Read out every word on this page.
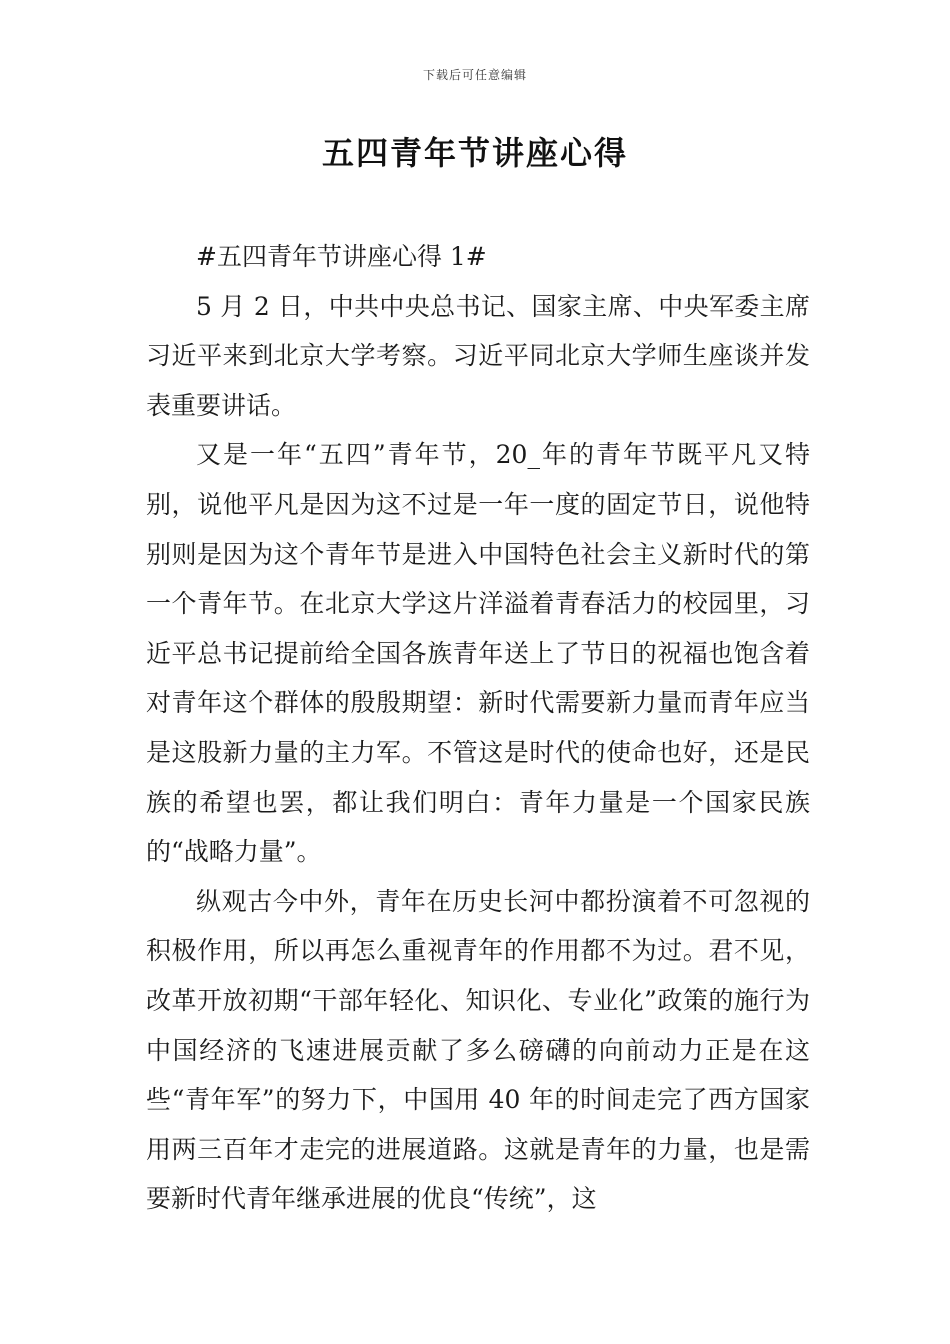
下载后可任意编辑
五四青年节讲座心得

#五四青年节讲座心得 1#

5 月 2 日，中共中央总书记、国家主席、中央军委主席习近平来到北京大学考察。习近平同北京大学师生座谈并发表重要讲话。

又是一年“五四”青年节，20_年的青年节既平凡又特别，说他平凡是因为这不过是一年一度的固定节日，说他特别则是因为这个青年节是进入中国特色社会主义新时代的第一个青年节。在北京大学这片洋溢着青春活力的校园里，习近平总书记提前给全国各族青年送上了节日的祝福也饱含着对青年这个群体的殷殷期望：新时代需要新力量而青年应当是这股新力量的主力军。不管这是时代的使命也好，还是民族的希望也罢，都让我们明白：青年力量是一个国家民族的“战略力量”。

纵观古今中外，青年在历史长河中都扮演着不可忽视的积极作用，所以再怎么重视青年的作用都不为过。君不见，改革开放初期“干部年轻化、知识化、专业化”政策的施行为中国经济的飞速进展贡献了多么磅礴的向前动力正是在这些“青年军”的努力下，中国用 40 年的时间走完了西方国家用两三百年才走完的进展道路。这就是青年的力量，也是需要新时代青年继承进展的优良“传统”，这
